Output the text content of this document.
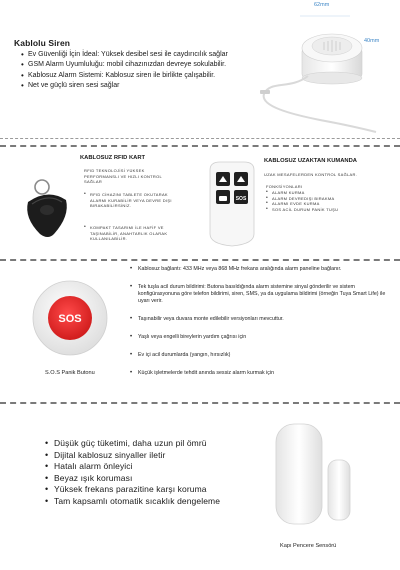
Kablolu Siren
• Ev Güvenliği İçin İdeal: Yüksek desibel sesi ile caydırıcılık sağlar
• GSM Alarm Uyumluluğu: mobil cihazınızdan devreye sokulabilir.
• Kablosuz Alarm Sistemi: Kablosuz siren ile birlikte çalışabilir.
• Net ve güçlü siren sesi sağlar
62mm
40mm
KABLOSUZ RFID KART
RFID TEKNOLOJİSİ YÜKSEK PERFORMANSLI VE HIZLI KONTROL SAĞLAR
• RFID CİHAZINI TABLETE OKUTARAK ALARMI KURABİLİR VEYA DEVRE DIŞI BIRAKABİLİRSİNİZ.
• KOMPAKT TASARIMI İLE HAFİF VE TAŞINABİLİR, ANAHTARLIK OLARAK KULLANILABİLİR.
SOS
KABLOSUZ UZAKTAN KUMANDA
UZAK MESAFELERDEN KONTROL SAĞLAR.
FONKSİYONLARI
• ALARM KURMA
• ALARM DEVREDIŞI BIRAKMA
• ALARMI EVDE KURMA
• SOS ACİL DURUM PANİK TUŞU
SOS
S.O.S Panik Butonu
• Kablosuz bağlantı: 433 MHz veya 868 MHz frekans aralığında alarm paneline bağlanır.
• Tek tuşla acil durum bildirimi: Butona basıldığında alarm sistemine sinyal gönderilir ve sistem konfigürasyonuna göre telefon bildirimi, siren, SMS, ya da uygulama bildirimi (örneğin Tuya Smart Life) ile uyarı verir.
• Taşınabilir veya duvara monte edilebilir versiyonları mevcuttur.
• Yaşlı veya engelli bireylerin yardım çağrısı için
• Ev içi acil durumlarda (yangın, hırsızlık)
• Küçük işletmelerde tehdit anında sessiz alarm kurmak için
• Düşük güç tüketimi, daha uzun pil ömrü
• Dijital kablosuz sinyaller iletir
• Hatalı alarm önleyici
• Beyaz ışık koruması
• Yüksek frekans parazitine karşı koruma
• Tam kapsamlı otomatik sıcaklık dengeleme
Kapı Pencere Sensörü
